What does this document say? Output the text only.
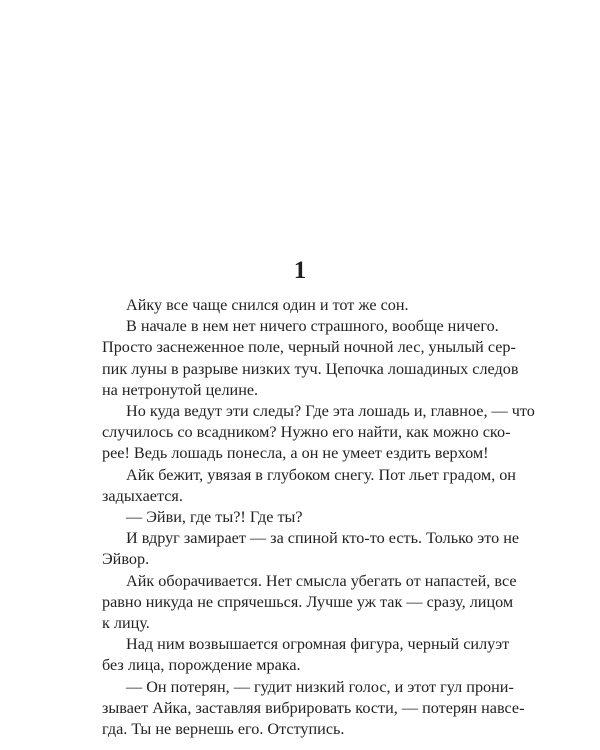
1

Айку все чаще снился один и тот же сон.

В начале в нем нет ничего страшного, вообще ничего.
Просто заснеженное поле, черный ночной лес, унылый сер-
пик луны в разрыве низких туч. Цепочка лошадиных следов
на нетронутой целине.

Но куда ведут эти следы? Где эта лошадь и, главное, — что
случилось со всадником? Нужно его найти, как можно ско-
рее! Ведь лошадь понесла, а он не умеет ездить верхом!

Айк бежит, увязая в глубоком снегу. Пот льет градом, он
задыхается.

— Эйви, где ты?! Где ты?

И вдруг замирает — за спиной кто-то есть. Только это не
Эйвор.

Айк оборачивается. Нет смысла убегать от напастей, все
равно никуда не спрячешься. Лучше уж так — сразу, лицом
к лицу.

Над ним возвышается огромная фигура, черный силуэт
без лица, порождение мрака.

— Он потерян, — гудит низкий голос, и этот гул прони-
зывает Айка, заставляя вибрировать кости, — потерян навсе-
гда. Ты не вернешь его. Отступись.
